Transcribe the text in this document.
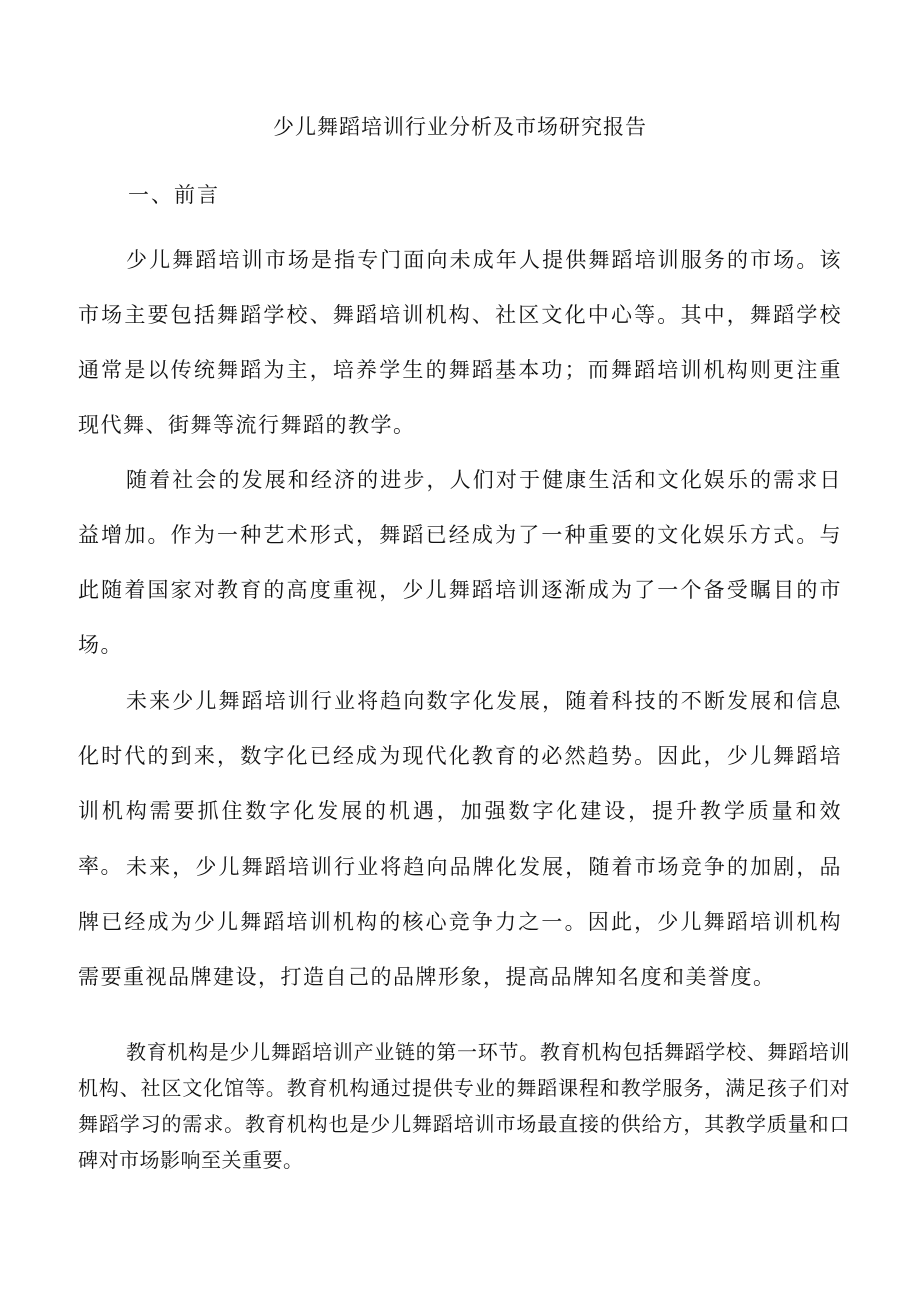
少儿舞蹈培训行业分析及市场研究报告
一、前言

少儿舞蹈培训市场是指专门面向未成年人提供舞蹈培训服务的市场。该市场主要包括舞蹈学校、舞蹈培训机构、社区文化中心等。其中，舞蹈学校通常是以传统舞蹈为主，培养学生的舞蹈基本功；而舞蹈培训机构则更注重现代舞、街舞等流行舞蹈的教学。

随着社会的发展和经济的进步，人们对于健康生活和文化娱乐的需求日益增加。作为一种艺术形式，舞蹈已经成为了一种重要的文化娱乐方式。与此随着国家对教育的高度重视，少儿舞蹈培训逐渐成为了一个备受瞩目的市场。

未来少儿舞蹈培训行业将趋向数字化发展，随着科技的不断发展和信息化时代的到来，数字化已经成为现代化教育的必然趋势。因此，少儿舞蹈培训机构需要抓住数字化发展的机遇，加强数字化建设，提升教学质量和效率。 未来，少儿舞蹈培训行业将趋向品牌化发展，随着市场竞争的加剧，品牌已经成为少儿舞蹈培训机构的核心竞争力之一。因此，少儿舞蹈培训机构需要重视品牌建设，打造自己的品牌形象，提高品牌知名度和美誉度。

教育机构是少儿舞蹈培训产业链的第一环节。教育机构包括舞蹈学校、舞蹈培训机构、社区文化馆等。教育机构通过提供专业的舞蹈课程和教学服务，满足孩子们对舞蹈学习的需求。教育机构也是少儿舞蹈培训市场最直接的供给方，其教学质量和口碑对市场影响至关重要。
